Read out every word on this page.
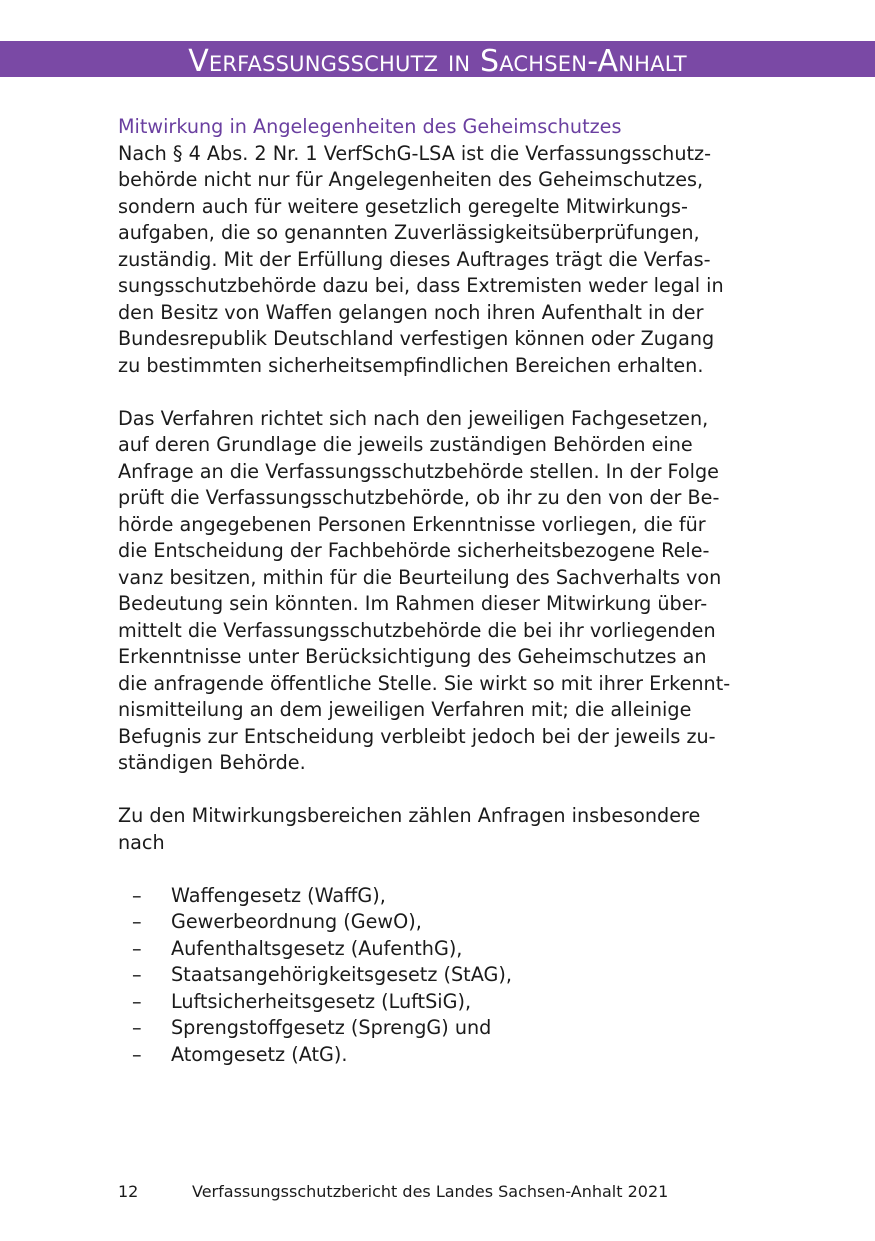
Verfassungsschutz in Sachsen-Anhalt
Mitwirkung in Angelegenheiten des Geheimschutzes
Nach § 4 Abs. 2 Nr. 1 VerfSchG-LSA ist die Verfassungsschutz-
behörde nicht nur für Angelegenheiten des Geheimschutzes,
sondern auch für weitere gesetzlich geregelte Mitwirkungs-
aufgaben, die so genannten Zuverlässigkeitsüberprüfungen,
zuständig. Mit der Erfüllung dieses Auftrages trägt die Verfas-
sungsschutzbehörde dazu bei, dass Extremisten weder legal in
den Besitz von Waffen gelangen noch ihren Aufenthalt in der
Bundesrepublik Deutschland verfestigen können oder Zugang
zu bestimmten sicherheitsempfindlichen Bereichen erhalten.
Das Verfahren richtet sich nach den jeweiligen Fachgesetzen,
auf deren Grundlage die jeweils zuständigen Behörden eine
Anfrage an die Verfassungsschutzbehörde stellen. In der Folge
prüft die Verfassungsschutzbehörde, ob ihr zu den von der Be-
hörde angegebenen Personen Erkenntnisse vorliegen, die für
die Entscheidung der Fachbehörde sicherheitsbezogene Rele-
vanz besitzen, mithin für die Beurteilung des Sachverhalts von
Bedeutung sein könnten. Im Rahmen dieser Mitwirkung über-
mittelt die Verfassungsschutzbehörde die bei ihr vorliegenden
Erkenntnisse unter Berücksichtigung des Geheimschutzes an
die anfragende öffentliche Stelle. Sie wirkt so mit ihrer Erkennt-
nismitteilung an dem jeweiligen Verfahren mit; die alleinige
Befugnis zur Entscheidung verbleibt jedoch bei der jeweils zu-
ständigen Behörde.
Zu den Mitwirkungsbereichen zählen Anfragen insbesondere
nach
– Waffengesetz (WaffG),
– Gewerbeordnung (GewO),
– Aufenthaltsgesetz (AufenthG),
– Staatsangehörigkeitsgesetz (StAG),
– Luftsicherheitsgesetz (LuftSiG),
– Sprengstoffgesetz (SprengG) und
– Atomgesetz (AtG).
12	Verfassungsschutzbericht des Landes Sachsen-Anhalt 2021
